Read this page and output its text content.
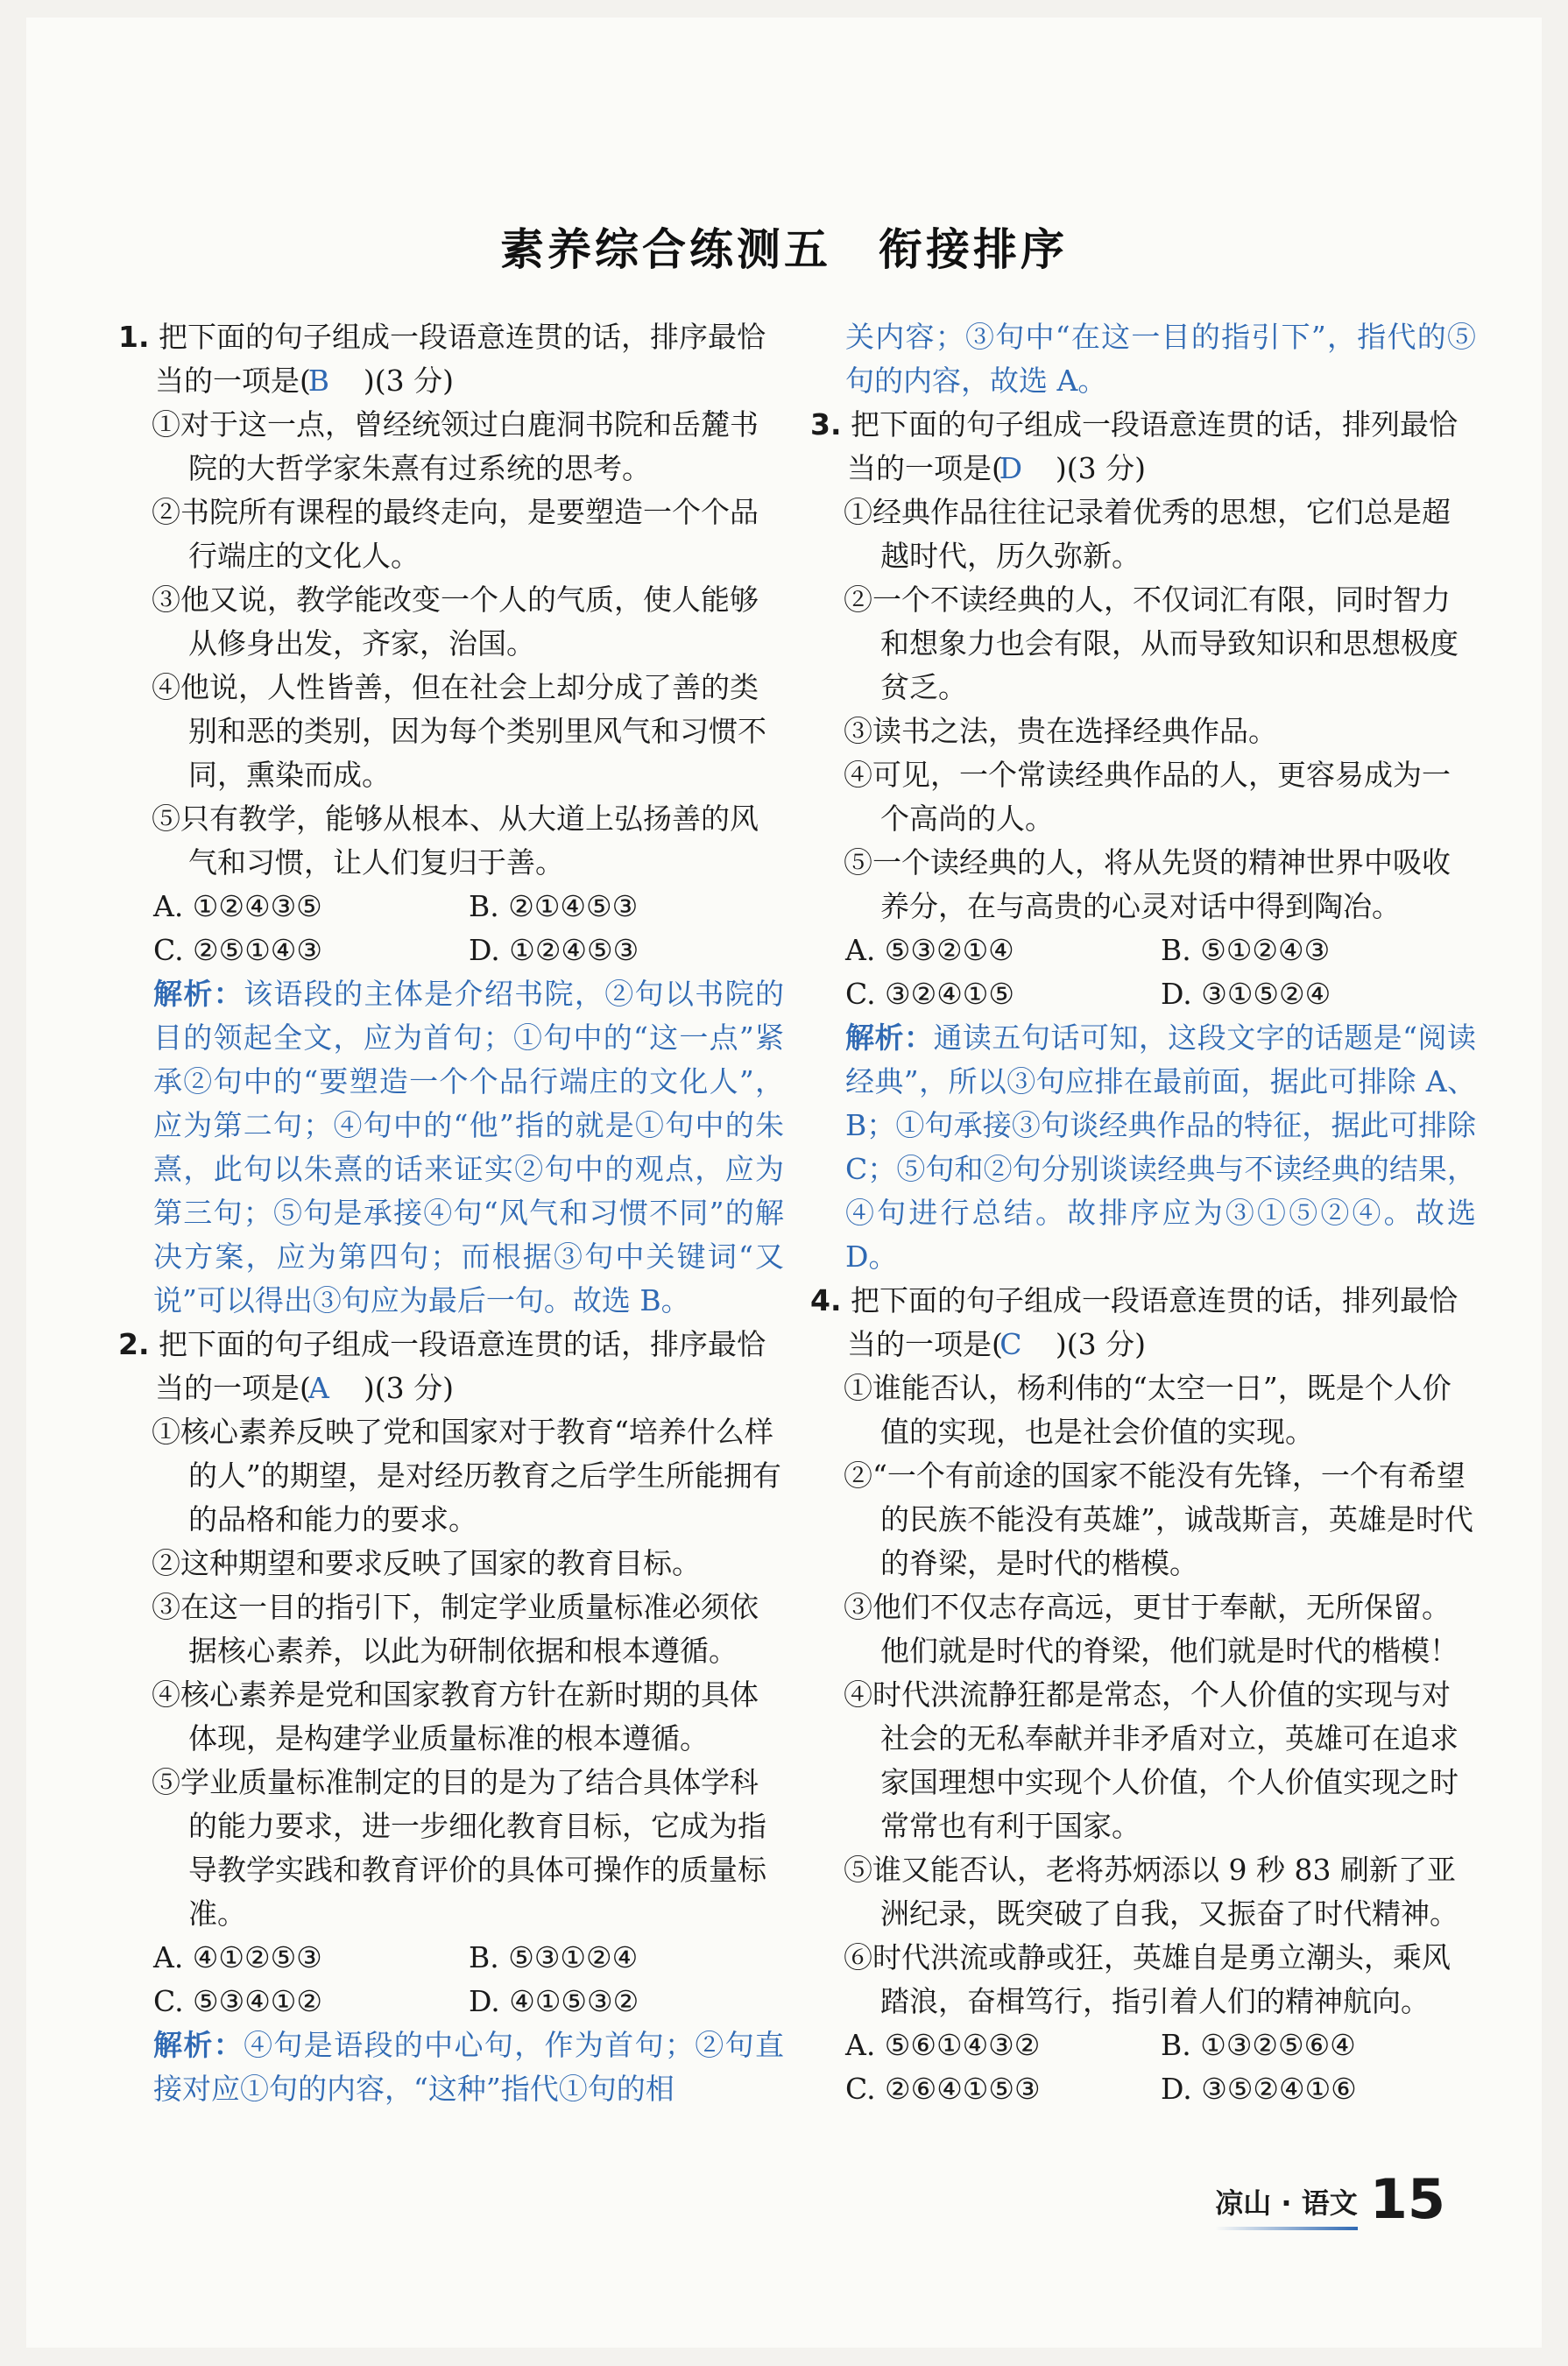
素养综合练测五　衔接排序
1. 把下面的句子组成一段语意连贯的话，排序最恰当的一项是(B )(3 分)
①对于这一点，曾经统领过白鹿洞书院和岳麓书院的大哲学家朱熹有过系统的思考。
②书院所有课程的最终走向，是要塑造一个个品行端庄的文化人。
③他又说，教学能改变一个人的气质，使人能够从修身出发，齐家，治国。
④他说，人性皆善，但在社会上却分成了善的类别和恶的类别，因为每个类别里风气和习惯不同，熏染而成。
⑤只有教学，能够从根本、从大道上弘扬善的风气和习惯，让人们复归于善。
A. ①②④③⑤	B. ②①④⑤③
C. ②⑤①④③	D. ①②④⑤③
解析：该语段的主体是介绍书院，②句以书院的目的领起全文，应为首句；①句中的“这一点”紧承②句中的“要塑造一个个品行端庄的文化人”，应为第二句；④句中的“他”指的就是①句中的朱熹，此句以朱熹的话来证实②句中的观点，应为第三句；⑤句是承接④句“风气和习惯不同”的解决方案，应为第四句；而根据③句中关键词“又说”可以得出③句应为最后一句。故选 B。
2. 把下面的句子组成一段语意连贯的话，排序最恰当的一项是(A )(3 分)
①核心素养反映了党和国家对于教育“培养什么样的人”的期望，是对经历教育之后学生所能拥有的品格和能力的要求。
②这种期望和要求反映了国家的教育目标。
③在这一目的指引下，制定学业质量标准必须依据核心素养，以此为研制依据和根本遵循。
④核心素养是党和国家教育方针在新时期的具体体现，是构建学业质量标准的根本遵循。
⑤学业质量标准制定的目的是为了结合具体学科的能力要求，进一步细化教育目标，它成为指导教学实践和教育评价的具体可操作的质量标准。
A. ④①②⑤③	B. ⑤③①②④
C. ⑤③④①②	D. ④①⑤③②
解析：④句是语段的中心句，作为首句；②句直接对应①句的内容，“这种”指代①句的相
关内容；③句中“在这一目的指引下”，指代的⑤句的内容，故选 A。
3. 把下面的句子组成一段语意连贯的话，排列最恰当的一项是(D )(3 分)
①经典作品往往记录着优秀的思想，它们总是超越时代，历久弥新。
②一个不读经典的人，不仅词汇有限，同时智力和想象力也会有限，从而导致知识和思想极度贫乏。
③读书之法，贵在选择经典作品。
④可见，一个常读经典作品的人，更容易成为一个高尚的人。
⑤一个读经典的人，将从先贤的精神世界中吸收养分，在与高贵的心灵对话中得到陶冶。
A. ⑤③②①④	B. ⑤①②④③
C. ③②④①⑤	D. ③①⑤②④
解析：通读五句话可知，这段文字的话题是“阅读经典”，所以③句应排在最前面，据此可排除 A、B；①句承接③句谈经典作品的特征，据此可排除 C；⑤句和②句分别谈读经典与不读经典的结果，④句进行总结。故排序应为③①⑤②④。故选 D。
4. 把下面的句子组成一段语意连贯的话，排列最恰当的一项是(C )(3 分)
①谁能否认，杨利伟的“太空一日”，既是个人价值的实现，也是社会价值的实现。
②“一个有前途的国家不能没有先锋，一个有希望的民族不能没有英雄”，诚哉斯言，英雄是时代的脊梁，是时代的楷模。
③他们不仅志存高远，更甘于奉献，无所保留。他们就是时代的脊梁，他们就是时代的楷模！
④时代洪流静狂都是常态，个人价值的实现与对社会的无私奉献并非矛盾对立，英雄可在追求家国理想中实现个人价值，个人价值实现之时常常也有利于国家。
⑤谁又能否认，老将苏炳添以 9 秒 83 刷新了亚洲纪录，既突破了自我，又振奋了时代精神。
⑥时代洪流或静或狂，英雄自是勇立潮头，乘风踏浪，奋楫笃行，指引着人们的精神航向。
A. ⑤⑥①④③②	B. ①③②⑤⑥④
C. ②⑥④①⑤③	D. ③⑤②④①⑥
凉山 · 语文 15
